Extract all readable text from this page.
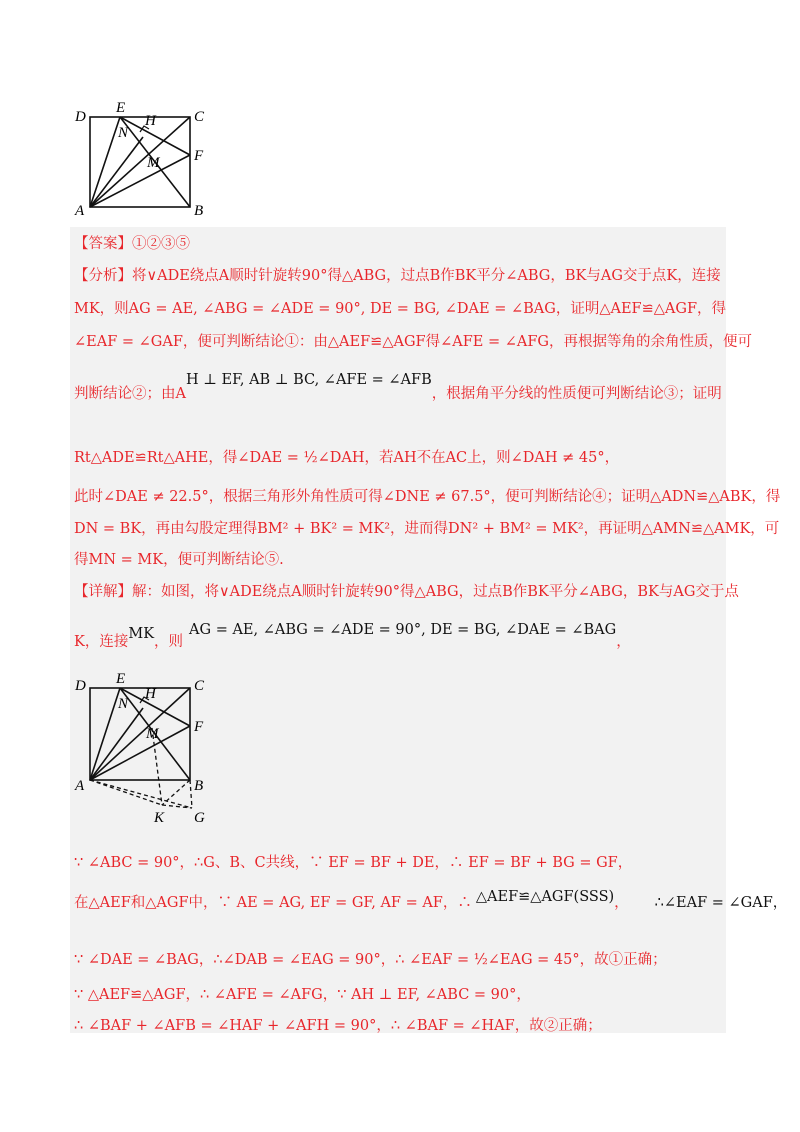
D
E
C
H
N
F
M
A	B
【答案】①②③⑤
【分析】将∨ADE绕点A顺时针旋转90°得△ABG，过点B作BK平分∠ABG，BK与AG交于点K，连接
MK，则AG = AE, ∠ABG = ∠ADE = 90°, DE = BG, ∠DAE = ∠BAG，证明△AEF≌△AGF，得
∠EAF = ∠GAF，便可判断结论①：由△AEF≌△AGF得∠AFE = ∠AFG，再根据等角的余角性质，便可
判断结论②；由AH ⊥ EF, AB ⊥ BC, ∠AFE = ∠AFB，根据角平分线的性质便可判断结论③；证明
Rt△ADE≌Rt△AHE，得∠DAE = ½∠DAH，若AH不在AC上，则∠DAH ≠ 45°，
此时∠DAE ≠ 22.5°，根据三角形外角性质可得∠DNE ≠ 67.5°，便可判断结论④；证明△ADN≌△ABK，得
DN = BK，再由勾股定理得BM² + BK² = MK²，进而得DN² + BM² = MK²，再证明△AMN≌△AMK，可
得MN = MK，便可判断结论⑤.
【详解】解：如图，将∨ADE绕点A顺时针旋转90°得△ABG，过点B作BK平分∠ABG，BK与AG交于点
K，连接MK，则AG = AE, ∠ABG = ∠ADE = 90°, DE = BG, ∠DAE = ∠BAG，
D E	C
H
N
F
M
A	B
K G
∵ ∠ABC = 90°，∴G、B、C共线，∵ EF = BF + DE，∴ EF = BF + BG = GF，
在△AEF和△AGF中，∵ AE = AG, EF = GF, AF = AF，∴ △AEF≌△AGF(SSS)， ∴∠EAF = ∠GAF，
∵ ∠DAE = ∠BAG，∴∠DAB = ∠EAG = 90°，∴ ∠EAF = ½∠EAG = 45°，故①正确；
∵ △AEF≌△AGF，∴ ∠AFE = ∠AFG，∵ AH ⊥ EF, ∠ABC = 90°，
∴ ∠BAF + ∠AFB = ∠HAF + ∠AFH = 90°，∴ ∠BAF = ∠HAF，故②正确；
